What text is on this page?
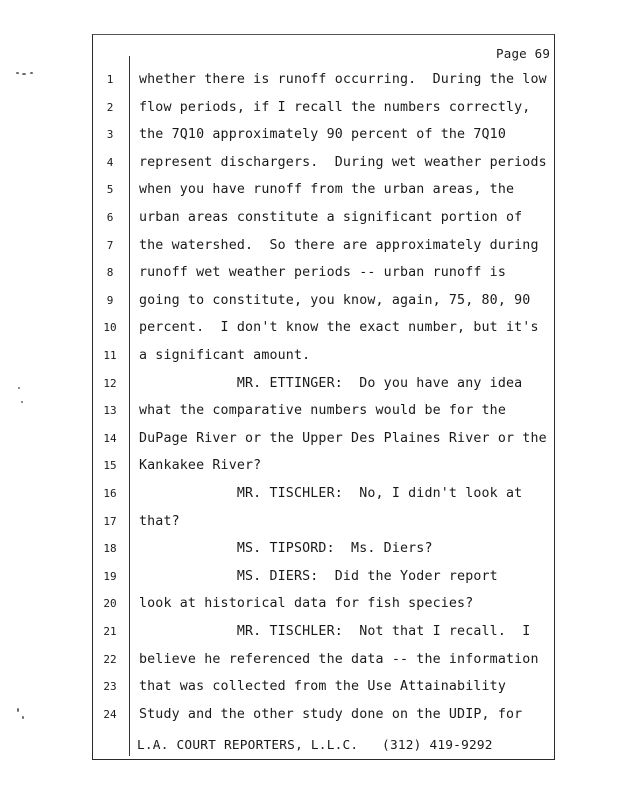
Page 69
1	whether there is runoff occurring.  During the low
2	flow periods, if I recall the numbers correctly,
3	the 7Q10 approximately 90 percent of the 7Q10
4	represent dischargers.  During wet weather periods
5	when you have runoff from the urban areas, the
6	urban areas constitute a significant portion of
7	the watershed.  So there are approximately during
8	runoff wet weather periods -- urban runoff is
9	going to constitute, you know, again, 75, 80, 90
10 percent.  I don't know the exact number, but it's
11 a significant amount.
12 MR. ETTINGER:  Do you have any idea
13 what the comparative numbers would be for the
14 DuPage River or the Upper Des Plaines River or the
15 Kankakee River?
16 MR. TISCHLER:  No, I didn't look at
17 that?
18 MS. TIPSORD:  Ms. Diers?
19 MS. DIERS:  Did the Yoder report
20 look at historical data for fish species?
21 MR. TISCHLER:  Not that I recall.  I
22 believe he referenced the data -- the information
23 that was collected from the Use Attainability
24 Study and the other study done on the UDIP, for
L.A. COURT REPORTERS, L.L.C.   (312) 419-9292
